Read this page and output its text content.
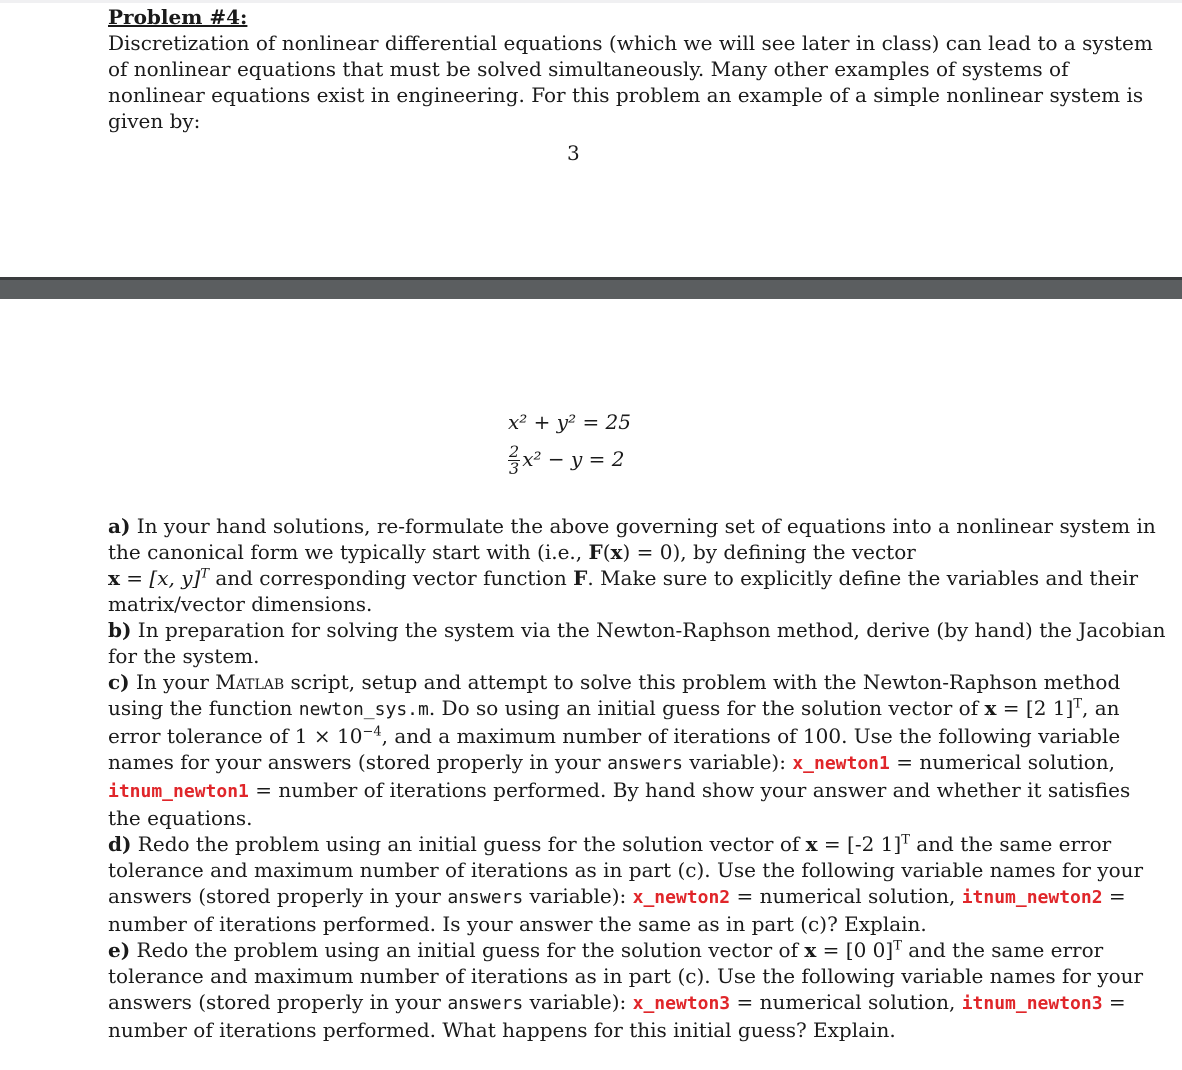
Problem #4:
Discretization of nonlinear differential equations (which we will see later in class) can lead to a system of nonlinear equations that must be solved simultaneously. Many other examples of systems of nonlinear equations exist in engineering. For this problem an example of a simple nonlinear system is given by:
3
x² + y² = 25
$\frac{2}{3} x^2 - y = 2$

a) In your hand solutions, re-formulate the above governing set of equations into a nonlinear system in the canonical form we typically start with (i.e., F(x) = 0), by defining the vector
x = [x, y]$^T$ and corresponding vector function F. Make sure to explicitly define the variables and their matrix/vector dimensions.

b) In preparation for solving the system via the Newton-Raphson method, derive (by hand) the Jacobian for the system.

c) In your Matlab script, setup and attempt to solve this problem with the Newton-Raphson method using the function newton_sys.m. Do so using an initial guess for the solution vector of x = [2 1]$^T$, an error tolerance of $1 \times 10^{-4}$, and a maximum number of iterations of 100. Use the following variable names for your answers (stored properly in your answers variable): x_newton1 = numerical solution, itnum_newton1 = number of iterations performed. By hand show your answer and whether it satisfies the equations.

d) Redo the problem using an initial guess for the solution vector of x = [-2 1]$^T$ and the same error tolerance and maximum number of iterations as in part (c). Use the following variable names for your answers (stored properly in your answers variable): x_newton2 = numerical solution, itnum_newton2 = number of iterations performed. Is your answer the same as in part (c)? Explain.

e) Redo the problem using an initial guess for the solution vector of x = [0 0]$^T$ and the same error tolerance and maximum number of iterations as in part (c). Use the following variable names for your answers (stored properly in your answers variable): x_newton3 = numerical solution, itnum_newton3 = number of iterations performed. What happens for this initial guess? Explain.
